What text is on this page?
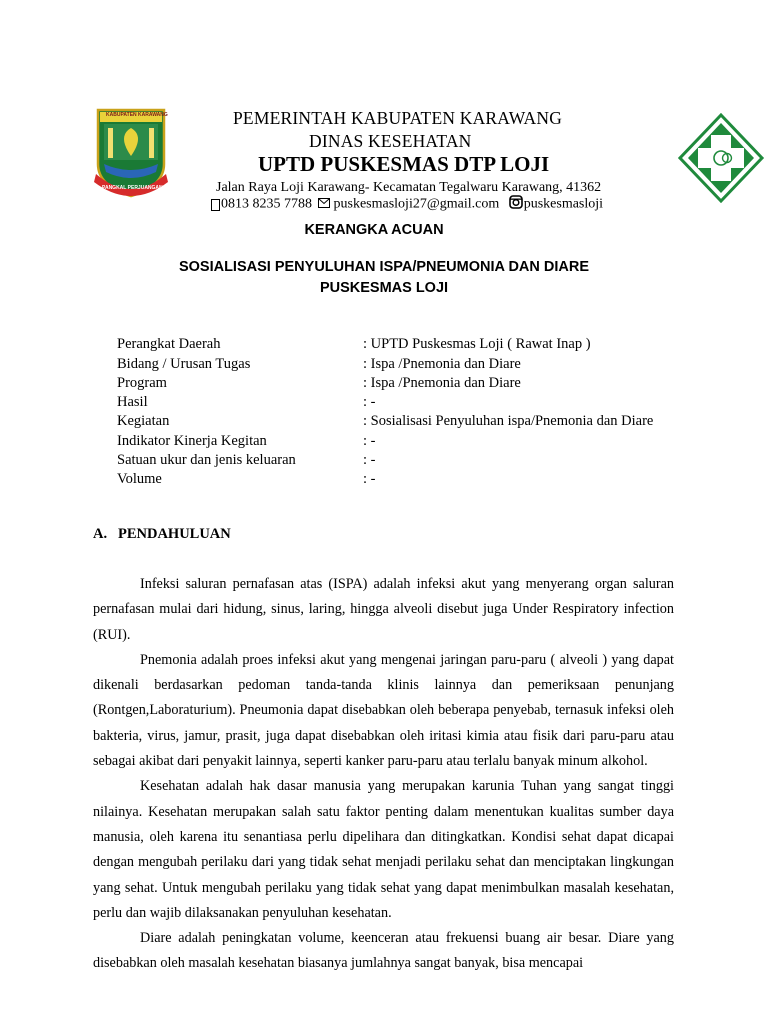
KABUPATEN KARAWANG
PANGKAL PERJUANGAN
PEMERINTAH KABUPATEN KARAWANG
DINAS KESEHATAN
UPTD PUSKESMAS DTP LOJI
Jalan Raya Loji Karawang- Kecamatan Tegalwaru Karawang, 41362
0813 8235 7788 puskesmasloji27@gmail.com puskesmasloji
KERANGKA ACUAN
SOSIALISASI PENYULUHAN ISPA/PNEUMONIA DAN DIARE
PUSKESMAS LOJI
Perangkat Daerah	: UPTD Puskesmas Loji ( Rawat Inap )
Bidang / Urusan Tugas	: Ispa /Pnemonia dan Diare
Program	: Ispa /Pnemonia dan Diare
Hasil	: -
Kegiatan	: Sosialisasi Penyuluhan ispa/Pnemonia dan Diare
Indikator Kinerja Kegitan	: -
Satuan ukur dan jenis keluaran	: -
Volume	: -
A.   PENDAHULUAN

Infeksi saluran pernafasan atas (ISPA) adalah infeksi akut yang menyerang organ saluran pernafasan mulai dari hidung, sinus, laring, hingga alveoli disebut juga Under Respiratory infection (RUI).

Pnemonia adalah proes infeksi akut yang mengenai jaringan paru-paru ( alveoli ) yang dapat dikenali berdasarkan pedoman tanda-tanda klinis lainnya dan pemeriksaan penunjang (Rontgen,Laboraturium). Pneumonia dapat disebabkan oleh beberapa penyebab, ternasuk infeksi oleh bakteria, virus, jamur, prasit, juga dapat disebabkan oleh iritasi kimia atau fisik dari paru-paru atau sebagai akibat dari penyakit lainnya, seperti kanker paru-paru atau terlalu banyak minum alkohol.

Kesehatan adalah hak dasar manusia yang merupakan karunia Tuhan yang sangat tinggi nilainya. Kesehatan merupakan salah satu faktor penting dalam menentukan kualitas sumber daya manusia, oleh karena itu senantiasa perlu dipelihara dan ditingkatkan. Kondisi sehat dapat dicapai dengan mengubah perilaku dari yang tidak sehat menjadi perilaku sehat dan menciptakan lingkungan yang sehat. Untuk mengubah perilaku yang tidak sehat yang dapat menimbulkan masalah kesehatan, perlu dan wajib dilaksanakan penyuluhan kesehatan.

Diare adalah peningkatan volume, keenceran atau frekuensi buang air besar. Diare yang disebabkan oleh masalah kesehatan biasanya jumlahnya sangat banyak, bisa mencapai
